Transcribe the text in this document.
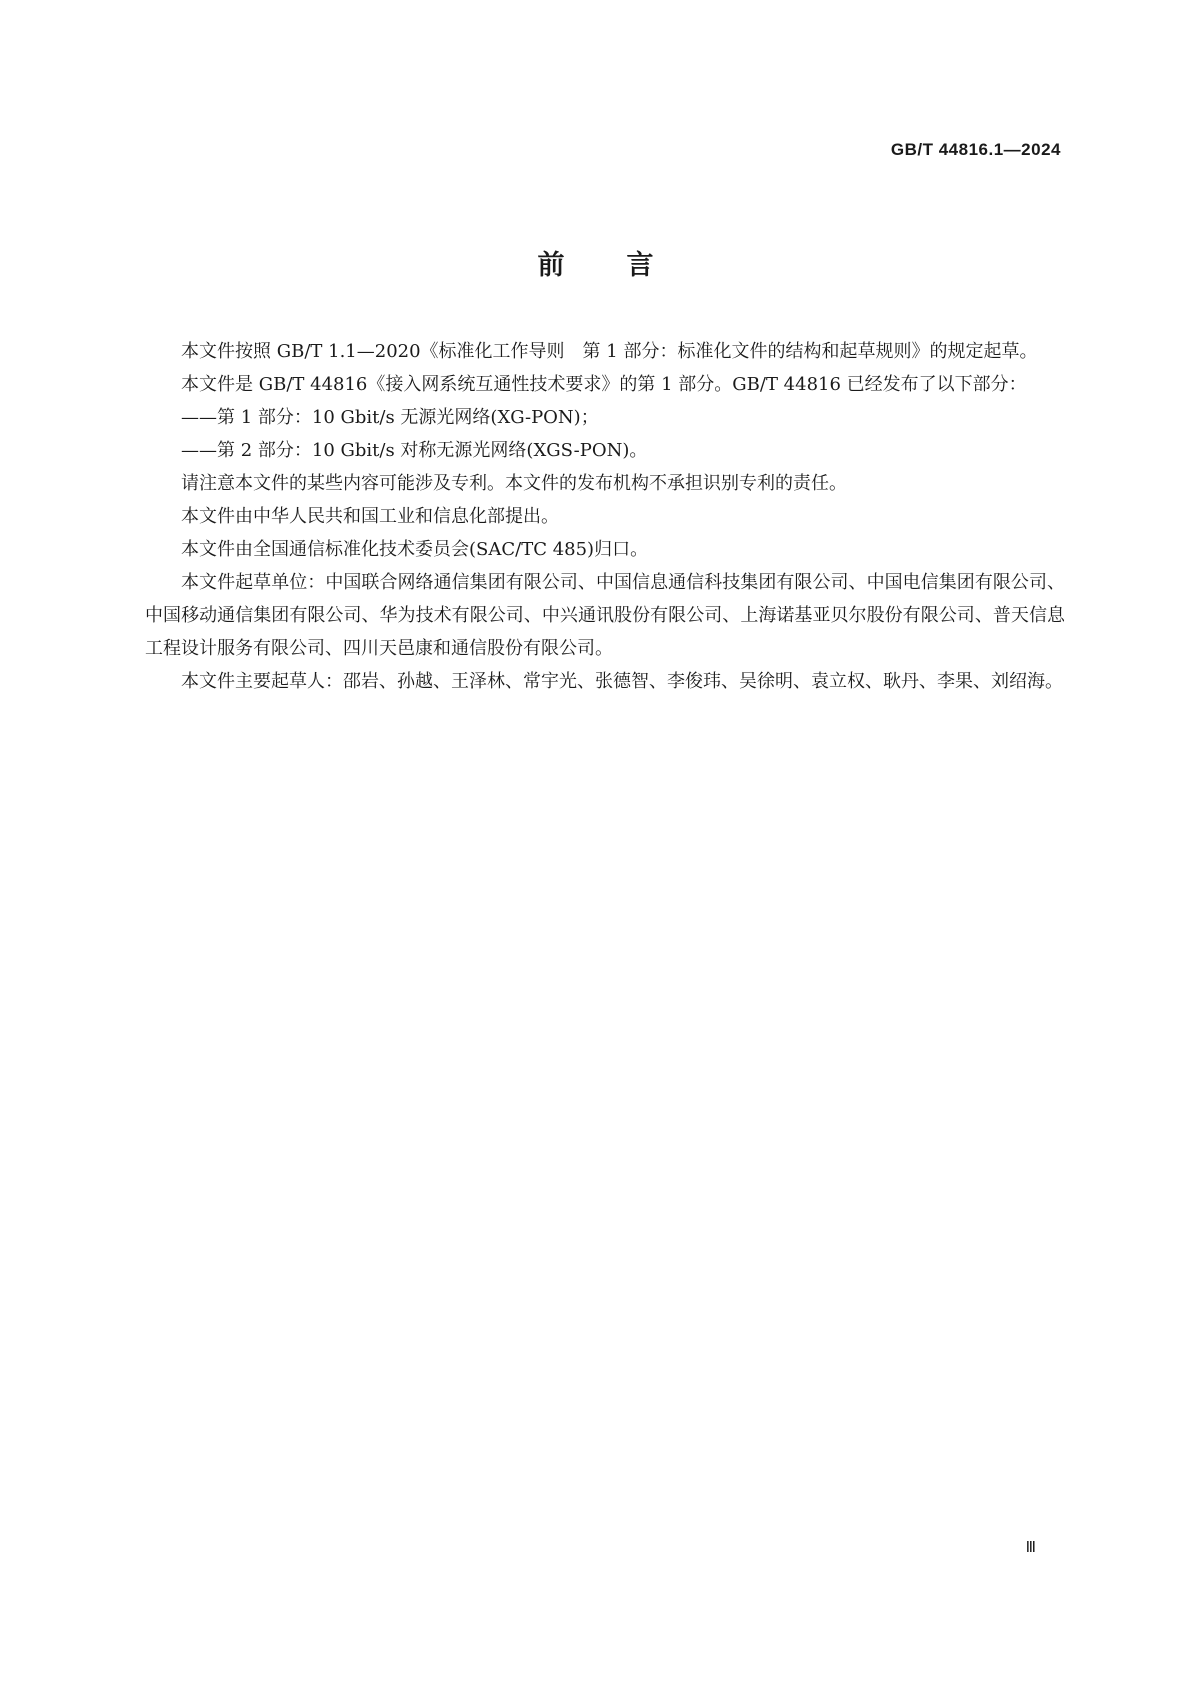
GB/T 44816.1—2024
前言

本文件按照 GB/T 1.1—2020《标准化工作导则　第 1 部分：标准化文件的结构和起草规则》的规定起草。

本文件是 GB/T 44816《接入网系统互通性技术要求》的第 1 部分。GB/T 44816 已经发布了以下部分：

——第 1 部分：10 Gbit/s 无源光网络(XG-PON)；

——第 2 部分：10 Gbit/s 对称无源光网络(XGS-PON)。

请注意本文件的某些内容可能涉及专利。本文件的发布机构不承担识别专利的责任。

本文件由中华人民共和国工业和信息化部提出。

本文件由全国通信标准化技术委员会(SAC/TC 485)归口。

本文件起草单位：中国联合网络通信集团有限公司、中国信息通信科技集团有限公司、中国电信集团有限公司、中国移动通信集团有限公司、华为技术有限公司、中兴通讯股份有限公司、上海诺基亚贝尔股份有限公司、普天信息工程设计服务有限公司、四川天邑康和通信股份有限公司。

本文件主要起草人：邵岩、孙越、王泽林、常宇光、张德智、李俊玮、吴徐明、袁立权、耿丹、李果、刘绍海。

Ⅲ
